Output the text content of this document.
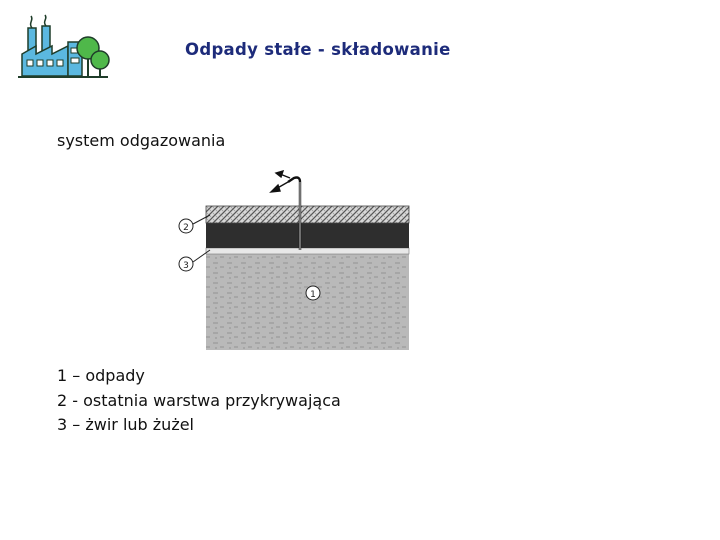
Odpady stałe - składowanie
system odgazowania
2
3
1
1 – odpady
2 - ostatnia warstwa przykrywająca
3 – żwir lub żużel
